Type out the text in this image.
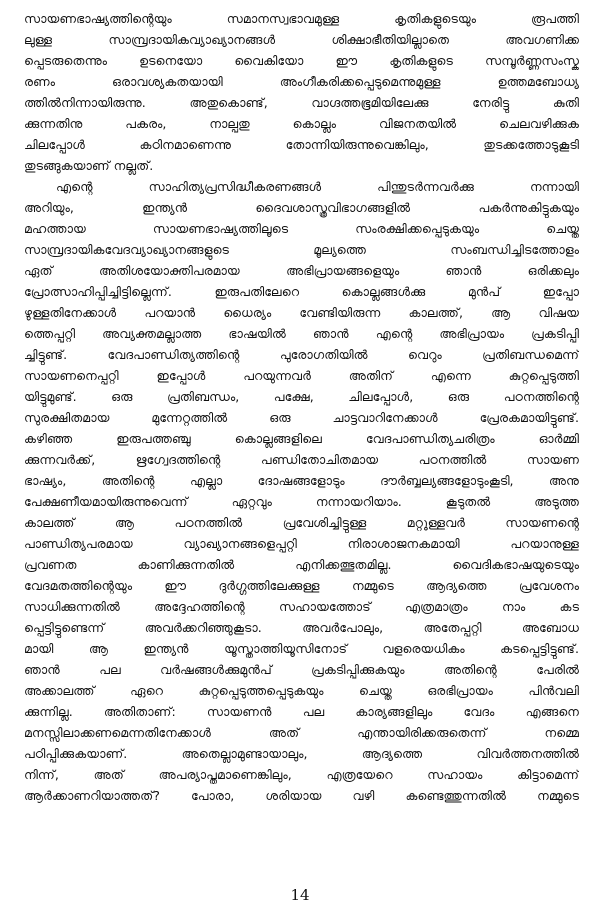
സായണഭാഷ്യത്തിന്റെയും സമാനസ്വഭാവമുള്ള കൃതികളുടെയും രൂപത്തി
ലുള്ള സാമ്പ്രദായികവ്യാഖ്യാനങ്ങൾ ശിക്ഷാഭീതിയില്ലാതെ അവഗണിക്ക
പ്പെടരുതെന്നും ഉടനെയോ വൈകിയോ ഈ കൃതികളുടെ സമ്പൂർണ്ണസംസ്ക
രണം ഒരാവശ്യകതയായി അംഗീകരിക്കപ്പെടുമെന്നുമുള്ള ഉത്തമബോധ്യ
ത്തിൽനിന്നായിരുന്നു. അതുകൊണ്ട്, വാഗ്ദത്തഭൂമിയിലേക്കു നേരിട്ടു കുതി
ക്കുന്നതിനു പകരം, നാല്പതു കൊല്ലം വിജനതയിൽ ചെലവഴിക്കുക
ചിലപ്പോൾ കഠിനമാണെന്നു തോന്നിയിരുന്നുവെങ്കിലും, തുടക്കത്തോടുകൂടി
തുടങ്ങുകയാണ് നല്ലത്.
എന്റെ സാഹിത്യപ്രസിദ്ധീകരണങ്ങൾ പിന്തുടർന്നവർക്കു നന്നായി
അറിയും, ഇന്ത്യൻ ദൈവശാസ്ത്രവിഭാഗങ്ങളിൽ പകർന്നുകിട്ടുകയും
മഹത്തായ സായണഭാഷ്യത്തിലൂടെ സംരക്ഷിക്കപ്പെടുകയും ചെയ്ത
സാമ്പ്രദായികവേദവ്യാഖ്യാനങ്ങളുടെ മൂല്യത്തെ സംബന്ധിച്ചിടത്തോളം
ഏത് അതിശയോക്തിപരമായ അഭിപ്രായങ്ങളെയും ഞാൻ ഒരിക്കലും
പ്രോത്സാഹിപ്പിച്ചിട്ടില്ലെന്ന്. ഇരുപതിലേറെ കൊല്ലങ്ങൾക്കു മുൻപ് ഇപ്പോ
ഴുള്ളതിനേക്കാൾ പറയാൻ ധൈര്യം വേണ്ടിയിരുന്ന കാലത്ത്, ആ വിഷയ
ത്തെപ്പറ്റി അവ്യക്തമല്ലാത്ത ഭാഷയിൽ ഞാൻ എന്റെ അഭിപ്രായം പ്രകടിപ്പി
ച്ചിട്ടുണ്ട്. വേദപാണ്ഡിത്യത്തിന്റെ പുരോഗതിയിൽ വെറും പ്രതിബന്ധമെന്ന്
സായണനെപ്പറ്റി ഇപ്പോൾ പറയുന്നവർ അതിന് എന്നെ കുറ്റപ്പെടുത്തി
യിട്ടുമുണ്ട്. ഒരു പ്രതിബന്ധം, പക്ഷേ, ചിലപ്പോൾ, ഒരു പഠനത്തിന്റെ
സുരക്ഷിതമായ മുന്നേറ്റത്തിൽ ഒരു ചാട്ടവാറിനേക്കാൾ പ്രേരകമായിട്ടുണ്ട്.
കഴിഞ്ഞ ഇരുപത്തഞ്ചു കൊല്ലങ്ങളിലെ വേദപാണ്ഡിത്യചരിത്രം ഓർമ്മി
ക്കുന്നവർക്ക്, ഋഗ്വേദത്തിന്റെ പണ്ഡിതോചിതമായ പഠനത്തിൽ സായണ
ഭാഷ്യം, അതിന്റെ എല്ലാ ദോഷങ്ങളോടും ദൗർബ്ബല്യങ്ങളോടുംകൂടി, അനു
പേക്ഷണീയമായിരുന്നുവെന്ന് ഏറ്റവും നന്നായറിയാം. കൂടുതൽ അടുത്ത
കാലത്ത് ആ പഠനത്തിൽ പ്രവേശിച്ചിട്ടുള്ള മറ്റുള്ളവർ സായണന്റെ
പാണ്ഡിത്യപരമായ വ്യാഖ്യാനങ്ങളെപ്പറ്റി നിരാശാജനകമായി പറയാനുള്ള
പ്രവണത കാണിക്കുന്നതിൽ എനിക്കത്ഭുതമില്ല. വൈദികഭാഷയുടെയും
വേദമതത്തിന്റെയും ഈ ദുർഗ്ഗത്തിലേക്കുള്ള നമ്മുടെ ആദ്യത്തെ പ്രവേശനം
സാധിക്കുന്നതിൽ അദ്ദേഹത്തിന്റെ സഹായത്തോട് എത്രമാത്രം നാം കട
പ്പെട്ടിട്ടുണ്ടെന്ന് അവർക്കറിഞ്ഞുകൂടാ. അവർപോലും, അതേപ്പറ്റി അബോധ
മായി ആ ഇന്ത്യൻ യൂസ്താത്തിയൂസിനോട് വളരെയധികം കടപ്പെട്ടിട്ടുണ്ട്.
ഞാൻ പല വർഷങ്ങൾക്കുമുൻപ് പ്രകടിപ്പിക്കുകയും അതിന്റെ പേരിൽ
അക്കാലത്ത് ഏറെ കുറ്റപ്പെടുത്തപ്പെടുകയും ചെയ്ത ഒരഭിപ്രായം പിൻവലി
ക്കുന്നില്ല. അതിതാണ്: സായണൻ പല കാര്യങ്ങളിലും വേദം എങ്ങനെ
മനസ്സിലാക്കണമെന്നതിനേക്കാൾ അത് എന്തായിരിക്കരുതെന്ന് നമ്മെ
പഠിപ്പിക്കുകയാണ്. അതെല്ലാമുണ്ടായാലും, ആദ്യത്തെ വിവർത്തനത്തിൽ
നിന്ന്, അത് അപര്യാപ്തമാണെങ്കിലും, എത്രയേറെ സഹായം കിട്ടാമെന്ന്
ആർക്കാണറിയാത്തത്? പോരാ, ശരിയായ വഴി കണ്ടെത്തുന്നതിൽ നമ്മുടെ
14
